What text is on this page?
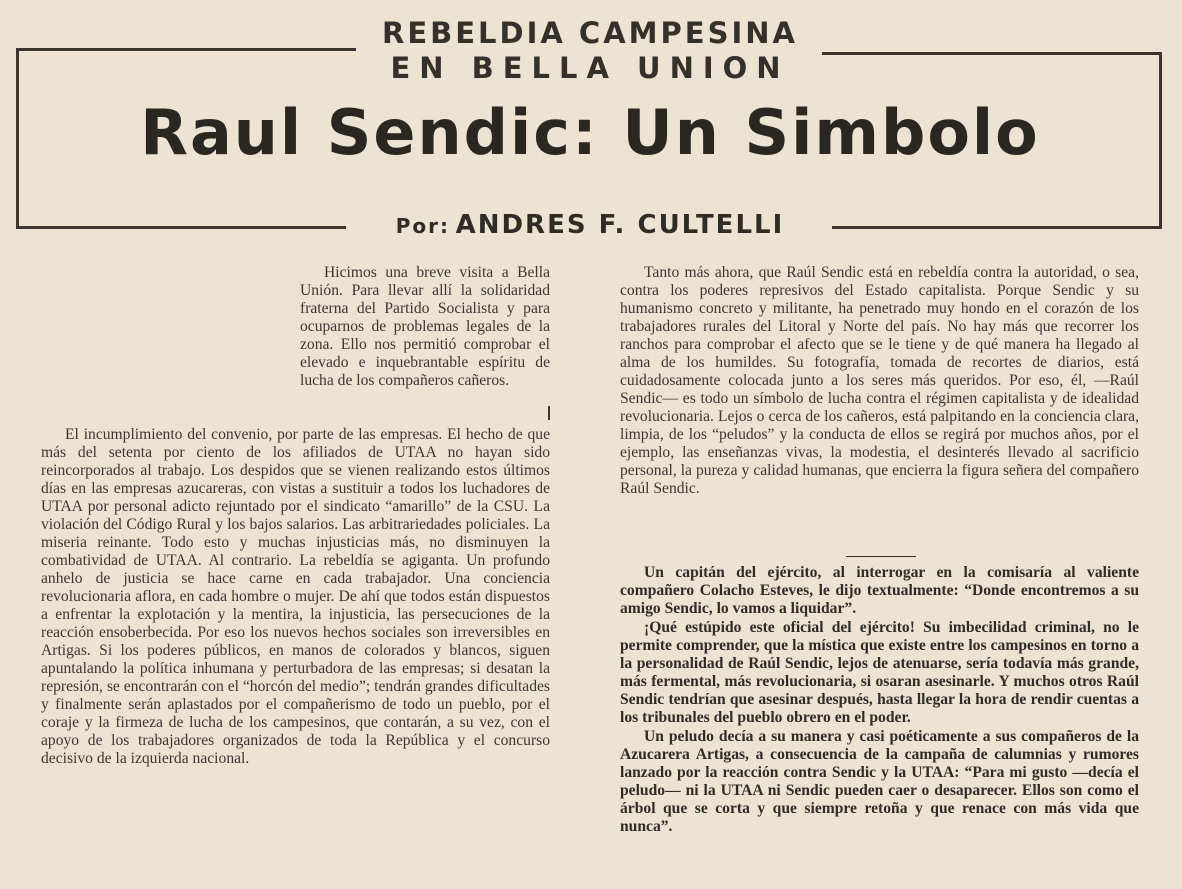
REBELDIA CAMPESINA
EN BELLA UNION
Raul Sendic: Un Simbolo
Por: ANDRES F. CULTELLI

Hicimos una breve visita a Bella Unión. Para llevar allí la solidaridad fraterna del Partido Socialista y para ocuparnos de problemas legales de la zona. Ello nos permitió comprobar el elevado e inquebrantable espíritu de lucha de los compañeros cañeros.

El incumplimiento del convenio, por parte de las empresas. El hecho de que más del setenta por ciento de los afiliados de UTAA no hayan sido reincorporados al trabajo. Los despidos que se vienen realizando estos últimos días en las empresas azucareras, con vistas a sustituir a todos los luchadores de UTAA por personal adicto rejuntado por el sindicato “amarillo” de la CSU. La violación del Código Rural y los bajos salarios. Las arbitrariedades policiales. La miseria reinante. Todo esto y muchas injusticias más, no disminuyen la combatividad de UTAA. Al contrario. La rebeldía se agiganta. Un profundo anhelo de justicia se hace carne en cada trabajador. Una conciencia revolucionaria aflora, en cada hombre o mujer. De ahí que todos están dispuestos a enfrentar la explotación y la mentira, la injusticia, las persecuciones de la reacción ensoberbecida. Por eso los nuevos hechos sociales son irreversibles en Artigas. Si los poderes públicos, en manos de colorados y blancos, siguen apuntalando la política inhumana y perturbadora de las empresas; si desatan la represión, se encontrarán con el “horcón del medio”; tendrán grandes dificultades y finalmente serán aplastados por el compañerismo de todo un pueblo, por el coraje y la firmeza de lucha de los campesinos, que contarán, a su vez, con el apoyo de los trabajadores organizados de toda la República y el concurso decisivo de la izquierda nacional.

Tanto más ahora, que Raúl Sendic está en rebeldía contra la autoridad, o sea, contra los poderes represivos del Estado capitalista. Porque Sendic y su humanismo concreto y militante, ha penetrado muy hondo en el corazón de los trabajadores rurales del Litoral y Norte del país. No hay más que recorrer los ranchos para comprobar el afecto que se le tiene y de qué manera ha llegado al alma de los humildes. Su fotografía, tomada de recortes de diarios, está cuidadosamente colocada junto a los seres más queridos. Por eso, él, —Raúl Sendic— es todo un símbolo de lucha contra el régimen capitalista y de idealidad revolucionaria. Lejos o cerca de los cañeros, está palpitando en la conciencia clara, limpia, de los “peludos” y la conducta de ellos se regirá por muchos años, por el ejemplo, las enseñanzas vivas, la modestia, el desinterés llevado al sacrificio personal, la pureza y calidad humanas, que encierra la figura señera del compañero Raúl Sendic.

Un capitán del ejército, al interrogar en la comisaría al valiente compañero Colacho Esteves, le dijo textualmente: “Donde encontremos a su amigo Sendic, lo vamos a liquidar”.

¡Qué estúpido este oficial del ejército! Su imbecilidad criminal, no le permite comprender, que la mística que existe entre los campesinos en torno a la personalidad de Raúl Sendic, lejos de atenuarse, sería todavía más grande, más fermental, más revolucionaria, si osaran asesinarle. Y muchos otros Raúl Sendic tendrían que asesinar después, hasta llegar la hora de rendir cuentas a los tribunales del pueblo obrero en el poder.

Un peludo decía a su manera y casi poéticamente a sus compañeros de la Azucarera Artigas, a consecuencia de la campaña de calumnias y rumores lanzado por la reacción contra Sendic y la UTAA: “Para mi gusto —decía el peludo— ni la UTAA ni Sendic pueden caer o desaparecer. Ellos son como el árbol que se corta y que siempre retoña y que renace con más vida que nunca”.
